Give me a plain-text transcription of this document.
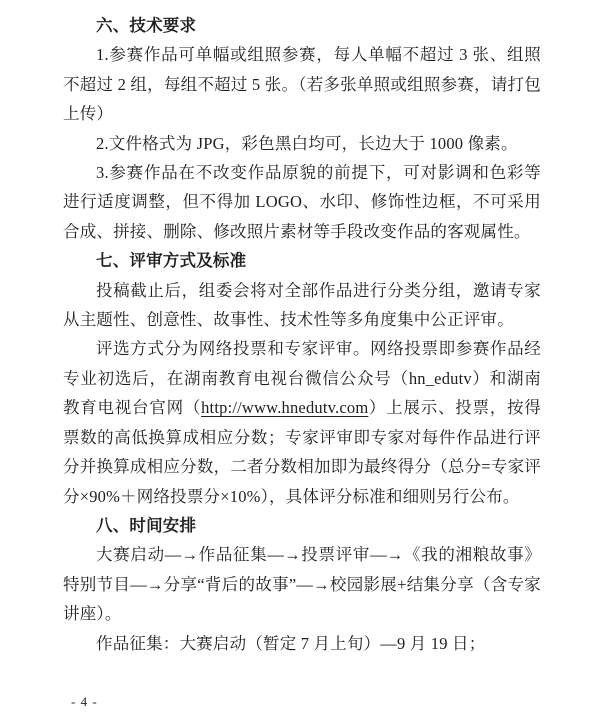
六、技术要求

1.参赛作品可单幅或组照参赛，每人单幅不超过 3 张、组照不超过 2 组，每组不超过 5 张。（若多张单照或组照参赛，请打包上传）

2.文件格式为 JPG，彩色黑白均可，长边大于 1000 像素。

3.参赛作品在不改变作品原貌的前提下，可对影调和色彩等进行适度调整，但不得加 LOGO、水印、修饰性边框，不可采用合成、拼接、删除、修改照片素材等手段改变作品的客观属性。

七、评审方式及标准

投稿截止后，组委会将对全部作品进行分类分组，邀请专家从主题性、创意性、故事性、技术性等多角度集中公正评审。

评选方式分为网络投票和专家评审。网络投票即参赛作品经专业初选后，在湖南教育电视台微信公众号（hn_edutv）和湖南教育电视台官网（http://www.hnedutv.com）上展示、投票，按得票数的高低换算成相应分数；专家评审即专家对每件作品进行评分并换算成相应分数，二者分数相加即为最终得分（总分=专家评分×90%＋网络投票分×10%），具体评分标准和细则另行公布。

八、时间安排

大赛启动—→作品征集—→投票评审—→《我的湘粮故事》特别节目—→分享“背后的故事”—→校园影展+结集分享（含专家讲座）。

作品征集：大赛启动（暂定 7 月上旬）—9 月 19 日；

- 4 -
